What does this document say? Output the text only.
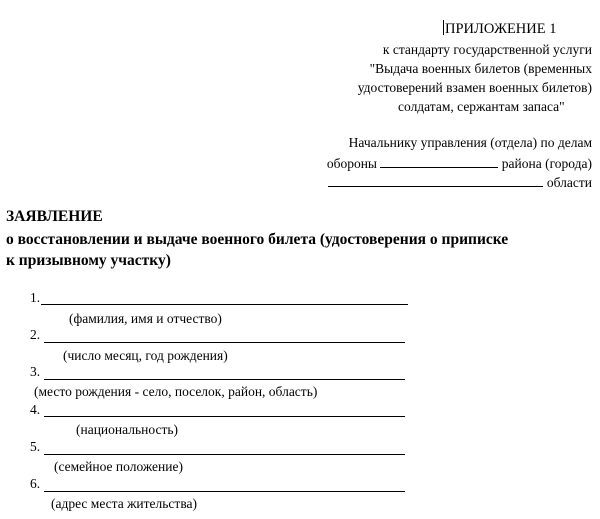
ПРИЛОЖЕНИЕ 1
к стандарту государственной услуги
"Выдача военных билетов (временных
удостоверений взамен военных билетов)
солдатам, сержантам запаса"
Начальнику управления (отдела) по делам
обороны	района (города)
области
ЗАЯВЛЕНИЕ
о восстановлении и выдаче военного билета (удостоверения о приписке
к призывному участку)
1.
(фамилия, имя и отчество)
2.
(число месяц, год рождения)
3.
(место рождения - село, поселок, район, область)
4.
(национальность)
5.
(семейное положение)
6.
(адрес места жительства)
